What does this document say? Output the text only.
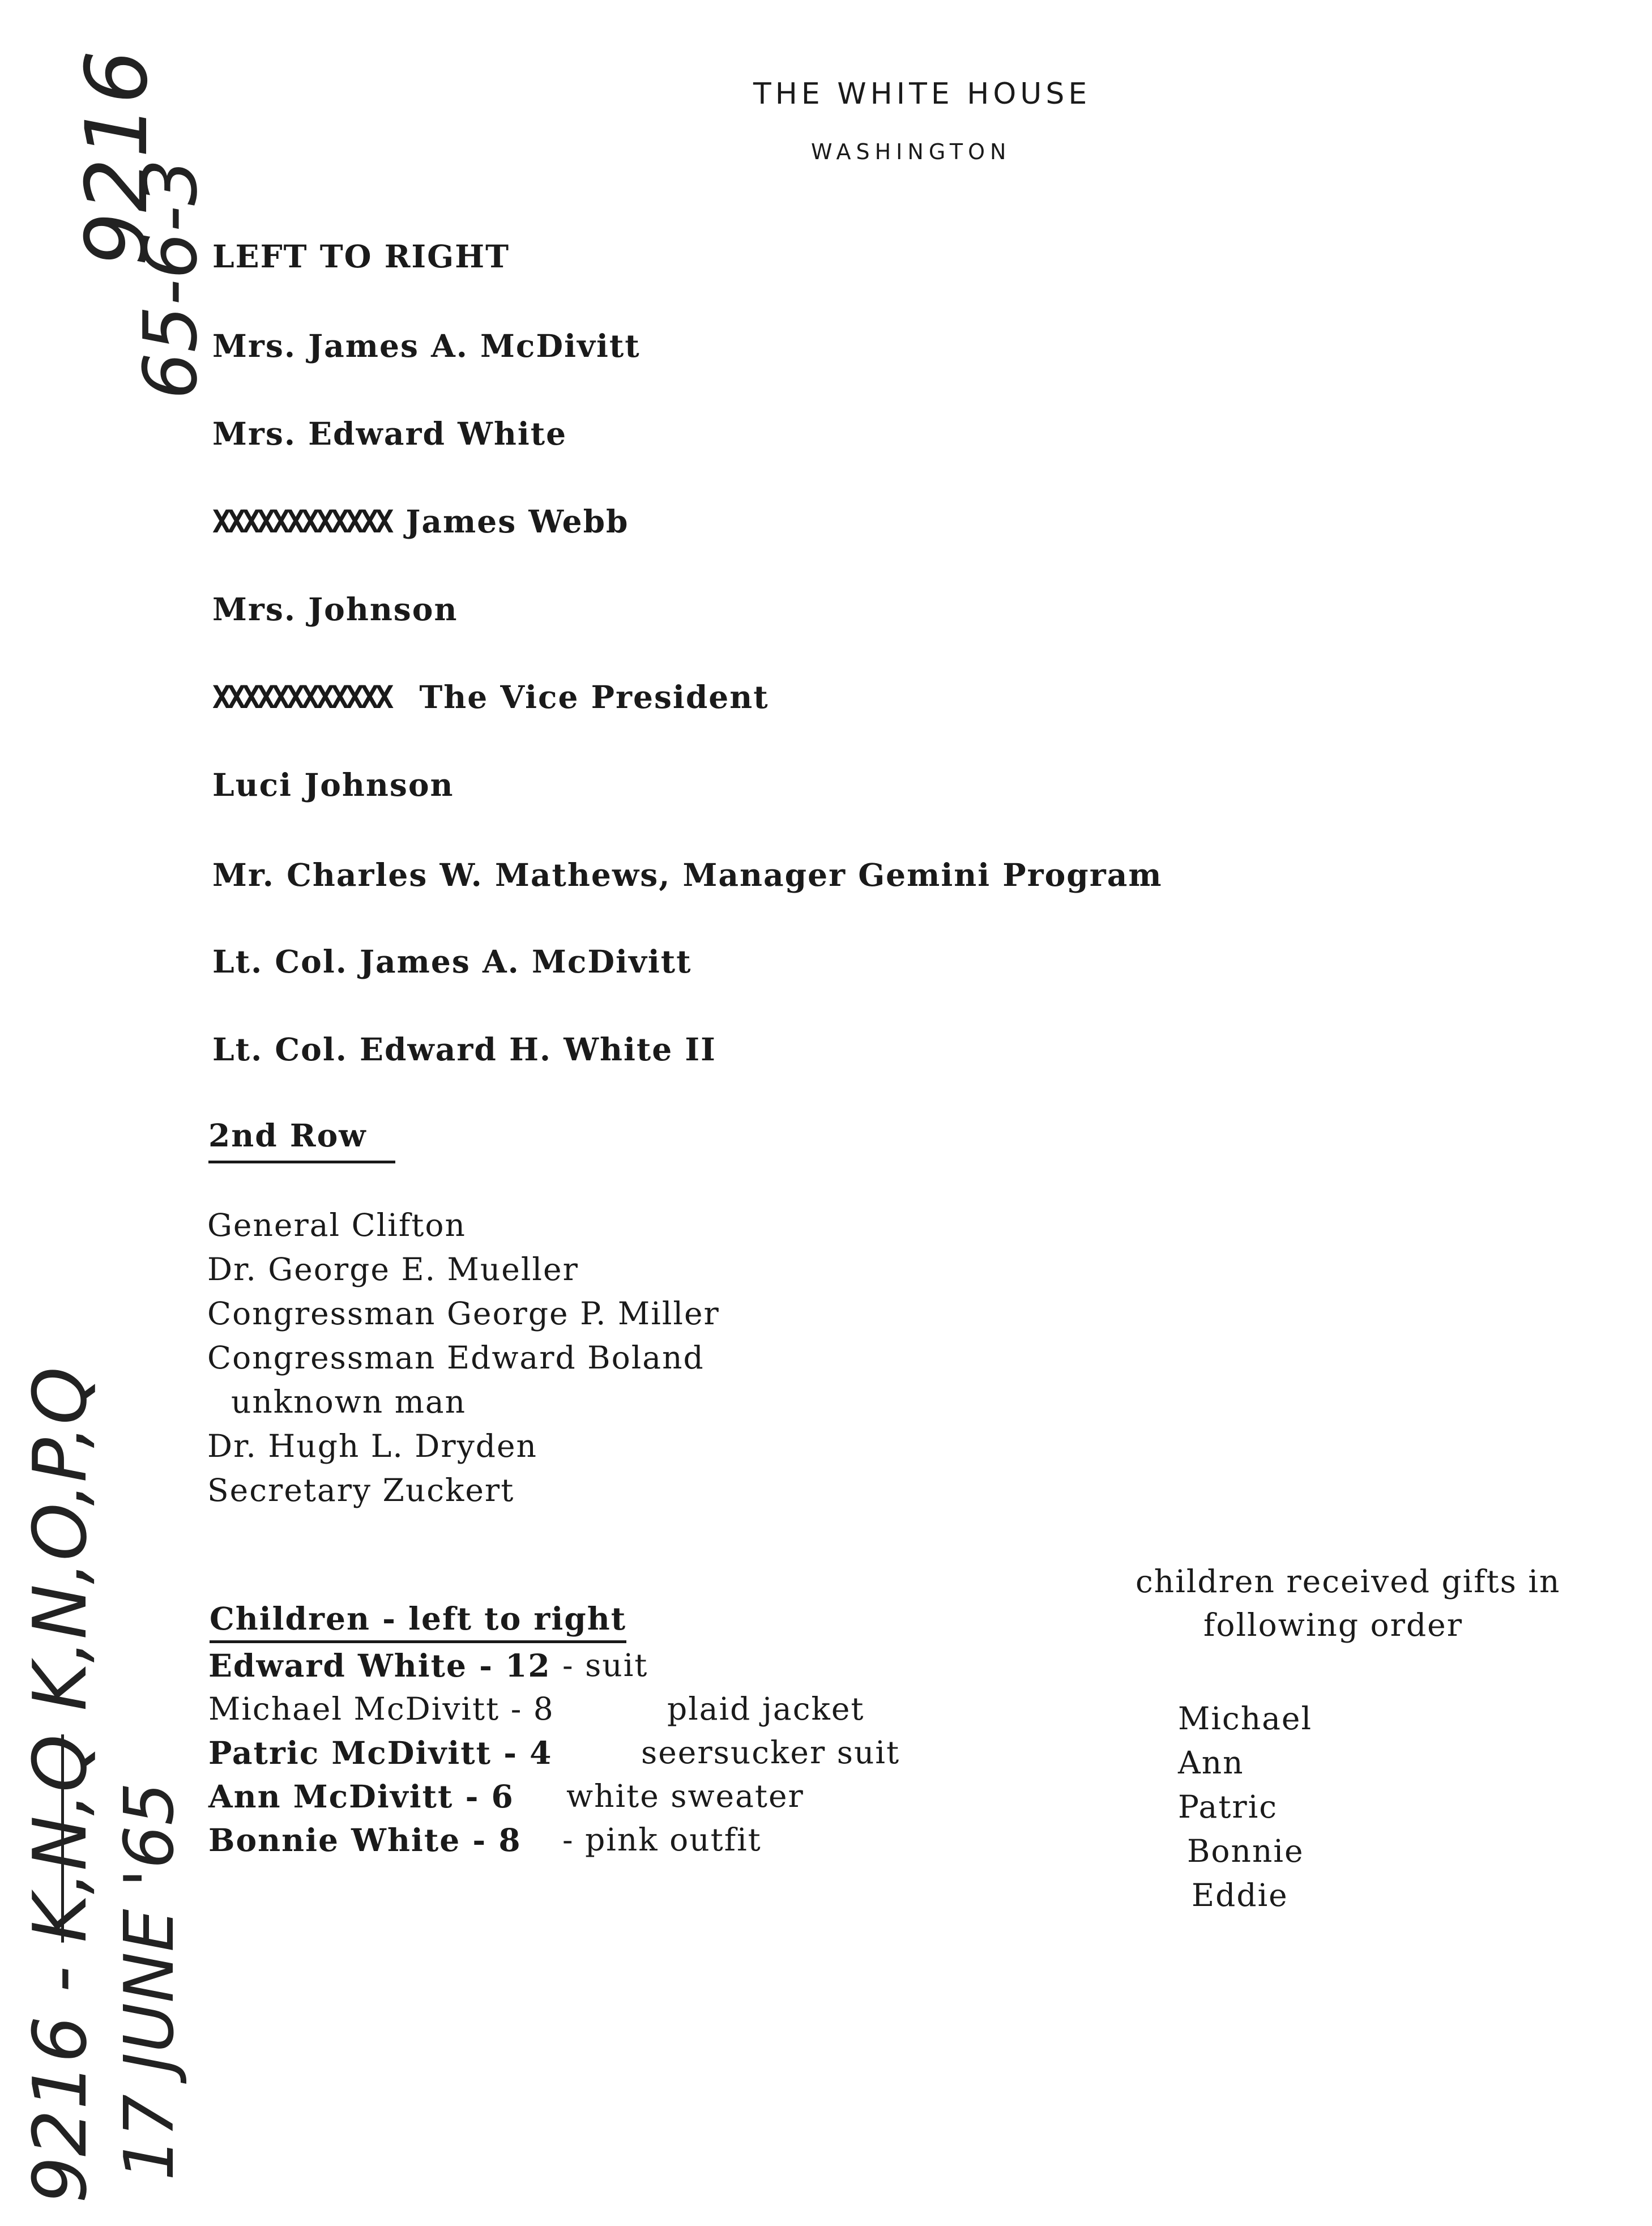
THE WHITE HOUSE
WASHINGTON
9216
65-6-3
9216 - K,N,Q K,N,O,P,Q
17 JUNE '65
LEFT TO RIGHT
Mrs. James A. McDivitt
Mrs. Edward White
XXXXXXXXXXXX James Webb
Mrs. Johnson
XXXXXXXXXXXX The Vice President
Luci Johnson
Mr. Charles W. Mathews, Manager Gemini Program
Lt. Col. James A. McDivitt
Lt. Col. Edward H. White II
2nd Row
General Clifton
Dr. George E. Mueller
Congressman George P. Miller
Congressman Edward Boland
unknown man
Dr. Hugh L. Dryden
Secretary Zuckert
Children - left to right
Edward White - 12 - suit
Michael McDivitt - 8	plaid jacket
Patric McDivitt - 4	seersucker suit
Ann McDivitt - 6 white sweater
Bonnie White - 8 - pink outfit
children received gifts in
following order
Michael
Ann
Patric
Bonnie
Eddie
